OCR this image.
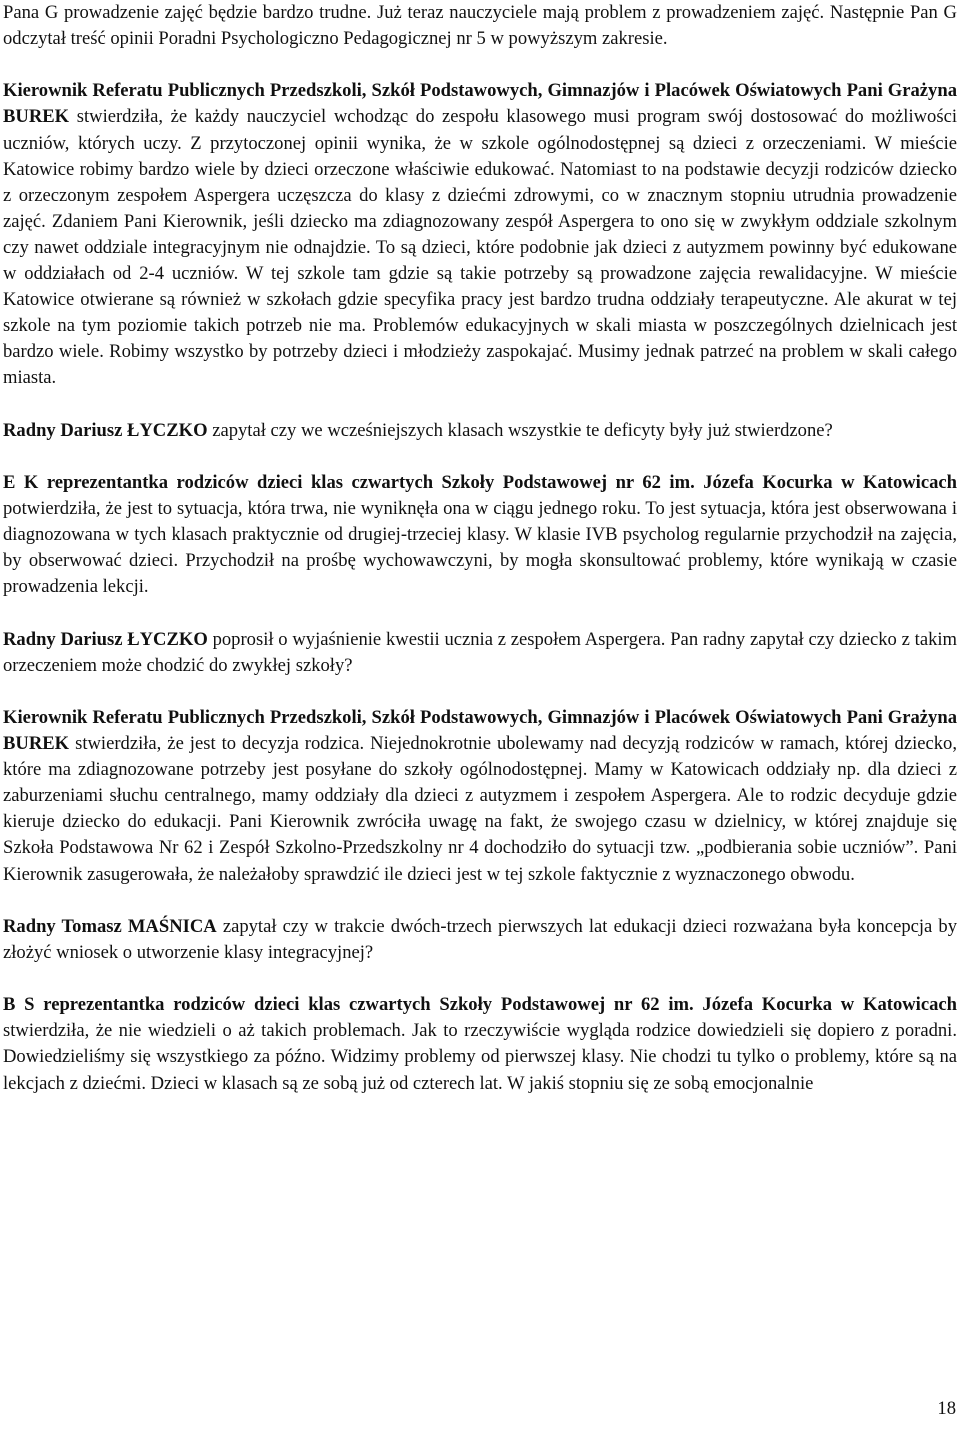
Pana G prowadzenie zajęć będzie bardzo trudne. Już teraz nauczyciele mają problem z prowadzeniem zajęć. Następnie Pan G odczytał treść opinii Poradni Psychologiczno Pedagogicznej nr 5 w powyższym zakresie.

Kierownik Referatu Publicznych Przedszkoli, Szkół Podstawowych, Gimnazjów i Placówek Oświatowych Pani Grażyna BUREK stwierdziła, że każdy nauczyciel wchodząc do zespołu klasowego musi program swój dostosować do możliwości uczniów, których uczy. Z przytoczonej opinii wynika, że w szkole ogólnodostępnej są dzieci z orzeczeniami. W mieście Katowice robimy bardzo wiele by dzieci orzeczone właściwie edukować. Natomiast to na podstawie decyzji rodziców dziecko z orzeczonym zespołem Aspergera uczęszcza do klasy z dziećmi zdrowymi, co w znacznym stopniu utrudnia prowadzenie zajęć. Zdaniem Pani Kierownik, jeśli dziecko ma zdiagnozowany zespół Aspergera to ono się w zwykłym oddziale szkolnym czy nawet oddziale integracyjnym nie odnajdzie. To są dzieci, które podobnie jak dzieci z autyzmem powinny być edukowane w oddziałach od 2-4 uczniów. W tej szkole tam gdzie są takie potrzeby są prowadzone zajęcia rewalidacyjne. W mieście Katowice otwierane są również w szkołach gdzie specyfika pracy jest bardzo trudna oddziały terapeutyczne. Ale akurat w tej szkole na tym poziomie takich potrzeb nie ma. Problemów edukacyjnych w skali miasta w poszczególnych dzielnicach jest bardzo wiele. Robimy wszystko by potrzeby dzieci i młodzieży zaspokajać. Musimy jednak patrzeć na problem w skali całego miasta.

Radny Dariusz ŁYCZKO zapytał czy we wcześniejszych klasach wszystkie te deficyty były już stwierdzone?

E K reprezentantka rodziców dzieci klas czwartych Szkoły Podstawowej nr 62 im. Józefa Kocurka w Katowicach potwierdziła, że jest to sytuacja, która trwa, nie wyniknęła ona w ciągu jednego roku. To jest sytuacja, która jest obserwowana i diagnozowana w tych klasach praktycznie od drugiej-trzeciej klasy. W klasie IVB psycholog regularnie przychodził na zajęcia, by obserwować dzieci. Przychodził na prośbę wychowawczyni, by mogła skonsultować problemy, które wynikają w czasie prowadzenia lekcji.

Radny Dariusz ŁYCZKO poprosił o wyjaśnienie kwestii ucznia z zespołem Aspergera. Pan radny zapytał czy dziecko z takim orzeczeniem może chodzić do zwykłej szkoły?

Kierownik Referatu Publicznych Przedszkoli, Szkół Podstawowych, Gimnazjów i Placówek Oświatowych Pani Grażyna BUREK stwierdziła, że jest to decyzja rodzica. Niejednokrotnie ubolewamy nad decyzją rodziców w ramach, której dziecko, które ma zdiagnozowane potrzeby jest posyłane do szkoły ogólnodostępnej. Mamy w Katowicach oddziały np. dla dzieci z zaburzeniami słuchu centralnego, mamy oddziały dla dzieci z autyzmem i zespołem Aspergera. Ale to rodzic decyduje gdzie kieruje dziecko do edukacji. Pani Kierownik zwróciła uwagę na fakt, że swojego czasu w dzielnicy, w której znajduje się Szkoła Podstawowa Nr 62 i Zespół Szkolno-Przedszkolny nr 4 dochodziło do sytuacji tzw. „podbierania sobie uczniów”. Pani Kierownik zasugerowała, że należałoby sprawdzić ile dzieci jest w tej szkole faktycznie z wyznaczonego obwodu.

Radny Tomasz MAŚNICA zapytał czy w trakcie dwóch-trzech pierwszych lat edukacji dzieci rozważana była koncepcja by złożyć wniosek o utworzenie klasy integracyjnej?

B S reprezentantka rodziców dzieci klas czwartych Szkoły Podstawowej nr 62 im. Józefa Kocurka w Katowicach stwierdziła, że nie wiedzieli o aż takich problemach. Jak to rzeczywiście wygląda rodzice dowiedzieli się dopiero z poradni. Dowiedzieliśmy się wszystkiego za późno. Widzimy problemy od pierwszej klasy. Nie chodzi tu tylko o problemy, które są na lekcjach z dziećmi. Dzieci w klasach są ze sobą już od czterech lat. W jakiś stopniu się ze sobą emocjonalnie

18
